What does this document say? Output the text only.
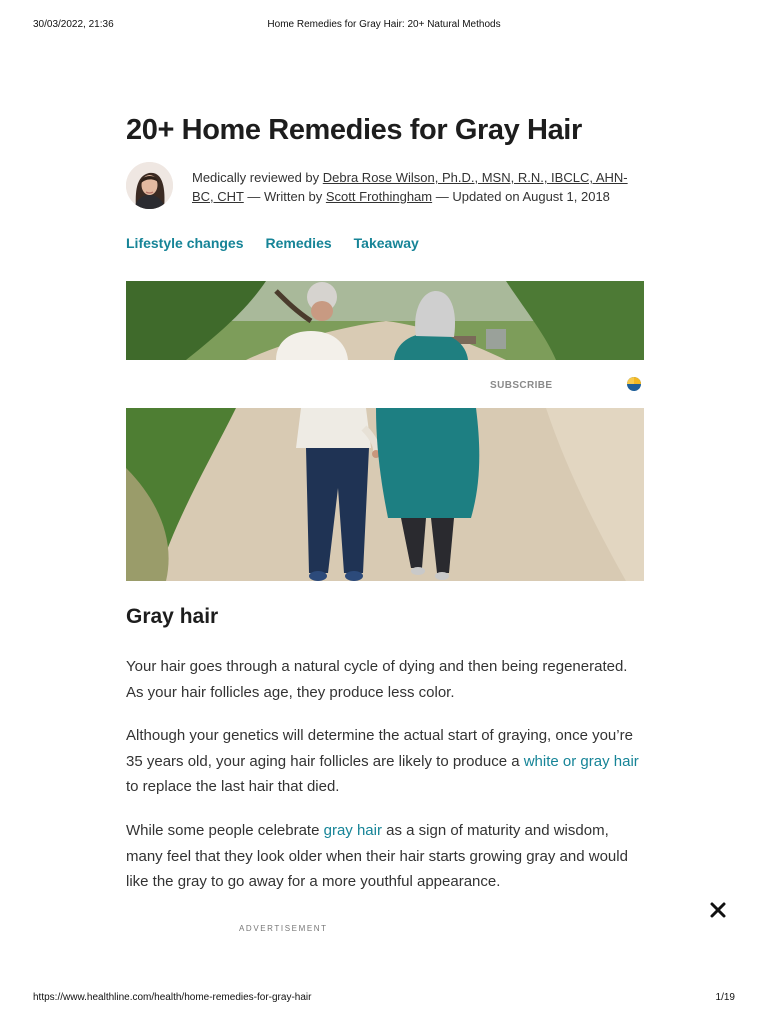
30/03/2022, 21:36	Home Remedies for Gray Hair: 20+ Natural Methods
20+ Home Remedies for Gray Hair

Medically reviewed by Debra Rose Wilson, Ph.D., MSN, R.N., IBCLC, AHN-BC, CHT — Written by Scott Frothingham — Updated on August 1, 2018

Lifestyle changes Remedies Takeaway
SUBSCRIBE
Gray hair

Your hair goes through a natural cycle of dying and then being regenerated. As your hair follicles age, they produce less color.

Although your genetics will determine the actual start of graying, once you’re 35 years old, your aging hair follicles are likely to produce a white or gray hair to replace the last hair that died.

While some people celebrate gray hair as a sign of maturity and wisdom, many feel that they look older when their hair starts growing gray and would like the gray to go away for a more youthful appearance.

ADVERTISEMENT
https://www.healthline.com/health/home-remedies-for-gray-hair	1/19
